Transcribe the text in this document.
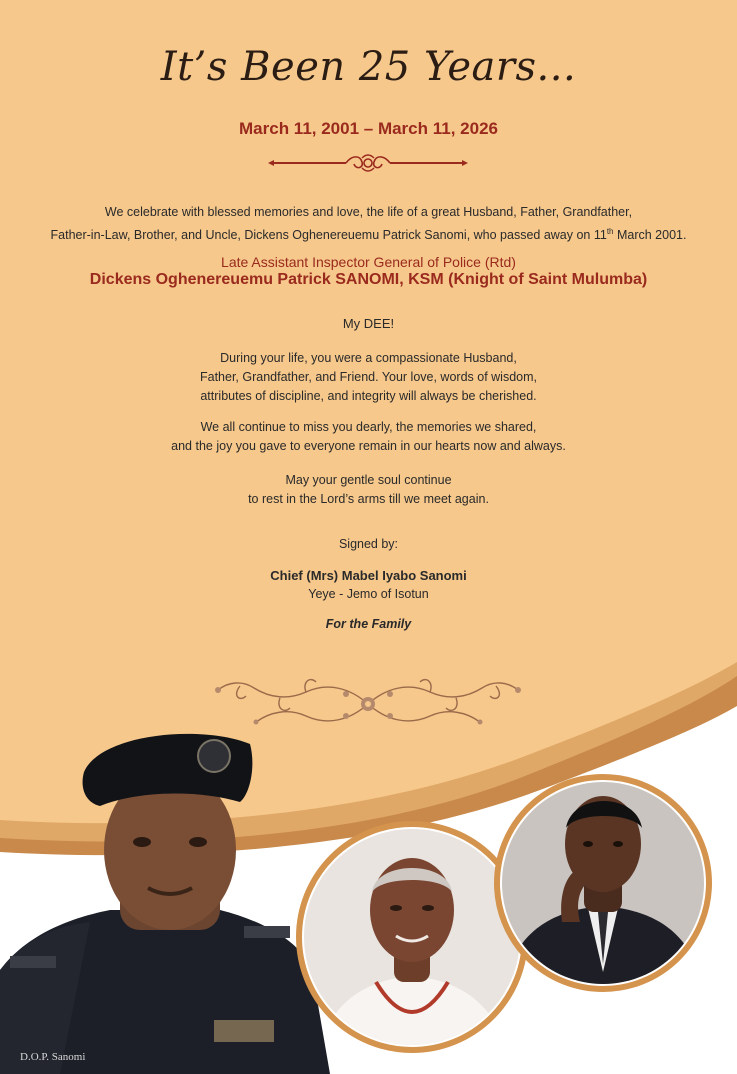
It’s Been 25 Years...
March 11, 2001 – March 11, 2026
We celebrate with blessed memories and love, the life of a great Husband, Father, Grandfather,
Father-in-Law, Brother, and Uncle, Dickens Oghenereuemu Patrick Sanomi, who passed away on 11th March 2001.
Late Assistant Inspector General of Police (Rtd)
Dickens Oghenereuemu Patrick SANOMI, KSM (Knight of Saint Mulumba)
My DEE!
During your life, you were a compassionate Husband,
Father, Grandfather, and Friend. Your love, words of wisdom,
attributes of discipline, and integrity will always be cherished.
We all continue to miss you dearly, the memories we shared,
and the joy you gave to everyone remain in our hearts now and always.
May your gentle soul continue
to rest in the Lord’s arms till we meet again.
Signed by:
Chief (Mrs) Mabel Iyabo Sanomi
Yeye - Jemo of Isotun
For the Family
D.O.P. Sanomi
